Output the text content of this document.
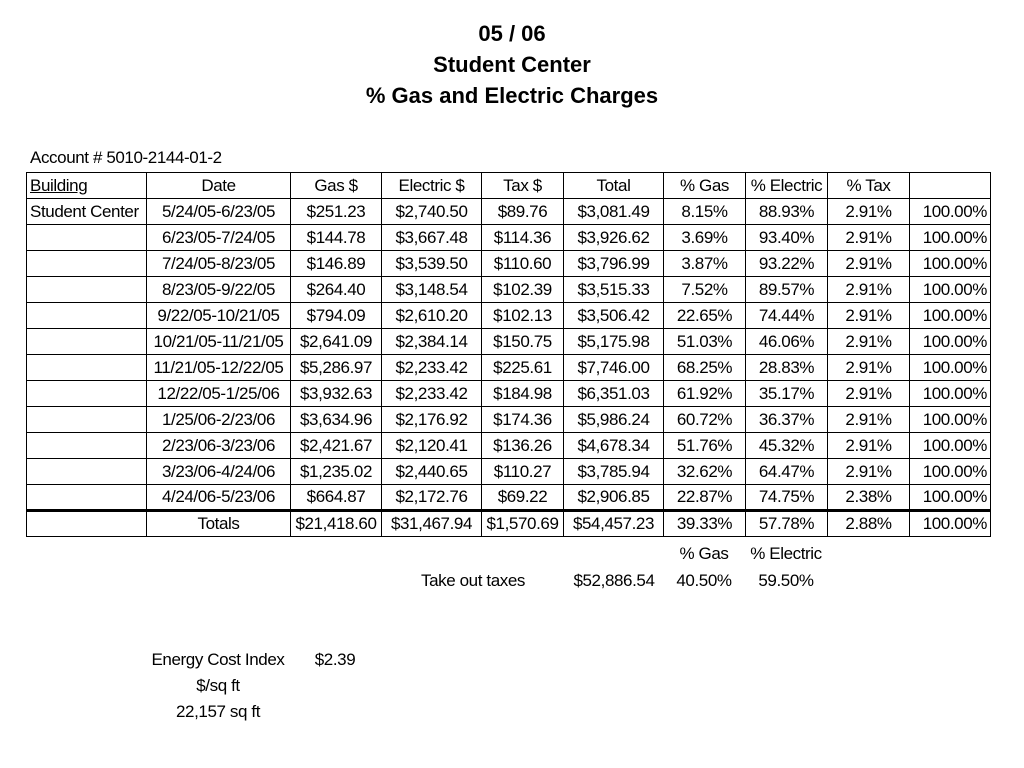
05 / 06
Student Center
% Gas and Electric Charges
Account # 5010-2144-01-2
Building	Date	Gas $	Electric $	Tax $	Total	% Gas	% Electric	% Tax	
Student Center	5/24/05-6/23/05	$251.23	$2,740.50	$89.76	$3,081.49	8.15%	88.93%	2.91%	100.00%
	6/23/05-7/24/05	$144.78	$3,667.48	$114.36	$3,926.62	3.69%	93.40%	2.91%	100.00%
	7/24/05-8/23/05	$146.89	$3,539.50	$110.60	$3,796.99	3.87%	93.22%	2.91%	100.00%
	8/23/05-9/22/05	$264.40	$3,148.54	$102.39	$3,515.33	7.52%	89.57%	2.91%	100.00%
	9/22/05-10/21/05	$794.09	$2,610.20	$102.13	$3,506.42	22.65%	74.44%	2.91%	100.00%
	10/21/05-11/21/05	$2,641.09	$2,384.14	$150.75	$5,175.98	51.03%	46.06%	2.91%	100.00%
	11/21/05-12/22/05	$5,286.97	$2,233.42	$225.61	$7,746.00	68.25%	28.83%	2.91%	100.00%
	12/22/05-1/25/06	$3,932.63	$2,233.42	$184.98	$6,351.03	61.92%	35.17%	2.91%	100.00%
	1/25/06-2/23/06	$3,634.96	$2,176.92	$174.36	$5,986.24	60.72%	36.37%	2.91%	100.00%
	2/23/06-3/23/06	$2,421.67	$2,120.41	$136.26	$4,678.34	51.76%	45.32%	2.91%	100.00%
	3/23/06-4/24/06	$1,235.02	$2,440.65	$110.27	$3,785.94	32.62%	64.47%	2.91%	100.00%
	4/24/06-5/23/06	$664.87	$2,172.76	$69.22	$2,906.85	22.87%	74.75%	2.38%	100.00%
	Totals	$21,418.60	$31,467.94	$1,570.69	$54,457.23	39.33%	57.78%	2.88%	100.00%
% Gas % Electric
Take out taxes	$52,886.54 40.50% 59.50%
Energy Cost Index $2.39
$/sq ft
22,157 sq ft
